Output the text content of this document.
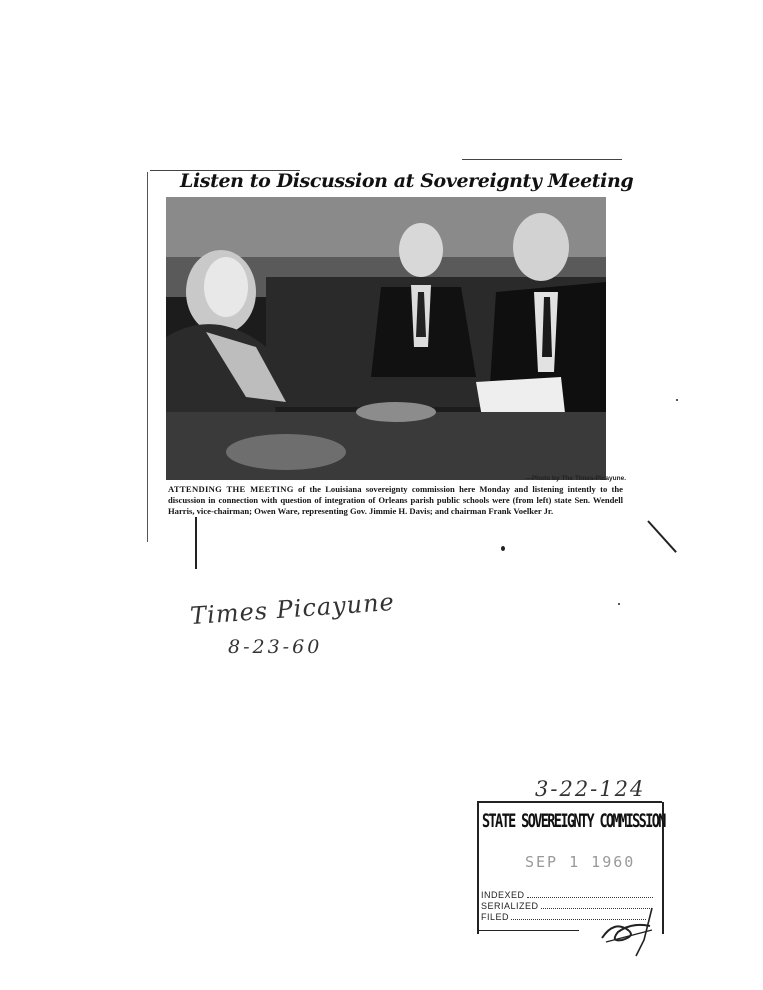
Listen to Discussion at Sovereignty Meeting
—Photo by The Times-Picayune.
ATTENDING THE MEETING of the Louisiana sovereignty commission here Monday and listening intently to the discussion in connection with question of integration of Orleans parish public schools were (from left) state Sen. Wendell Harris, vice-chairman; Owen Ware, representing Gov. Jimmie H. Davis; and chairman Frank Voelker Jr.
Times Picayune
8-23-60
3-22-124
STATE SOVEREIGNTY COMMISSION
SEP 1 1960
INDEXED
SERIALIZED
FILED
